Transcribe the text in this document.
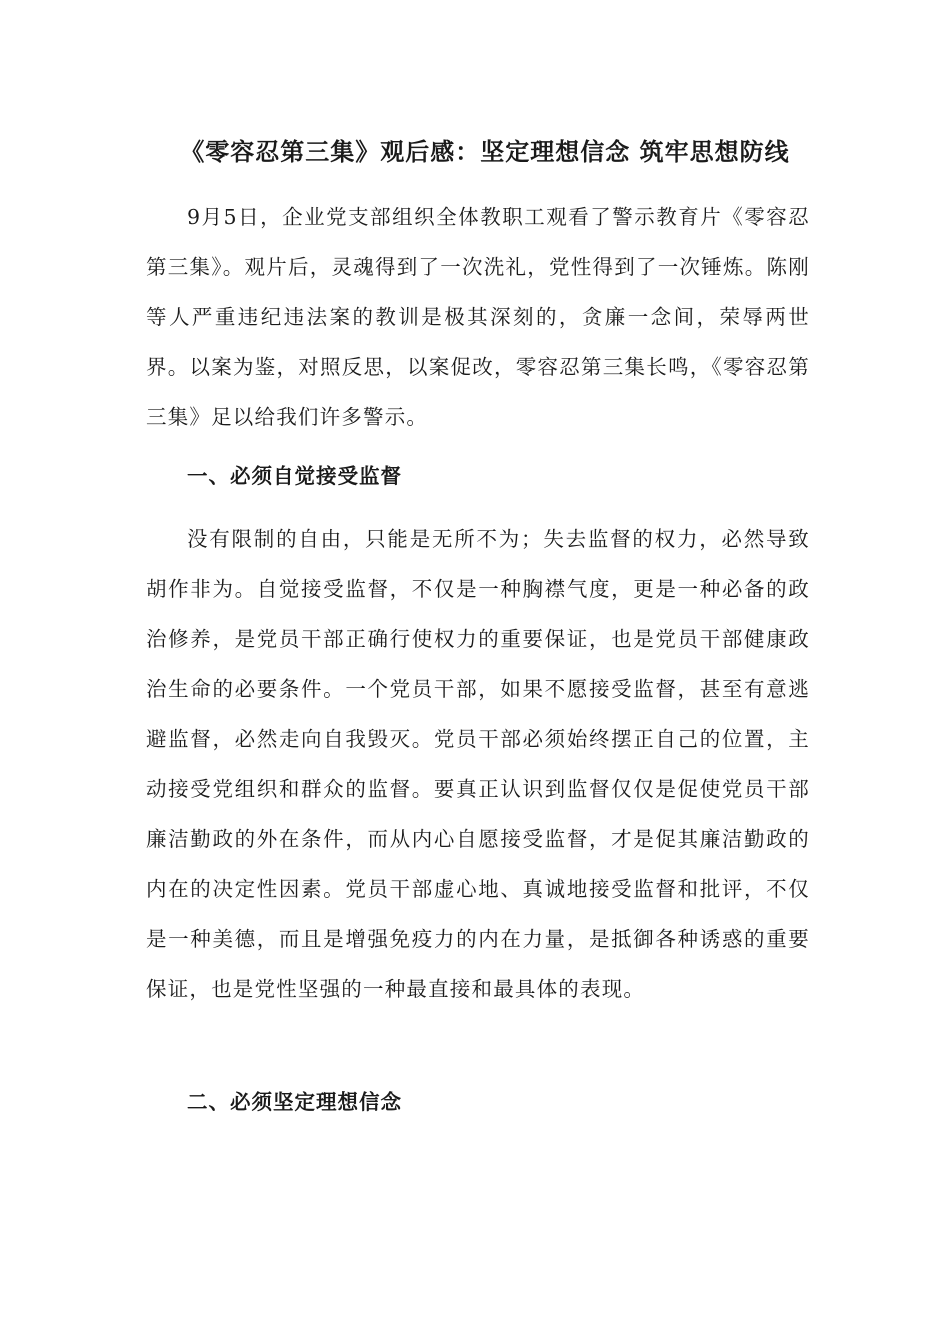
《零容忍第三集》观后感：坚定理想信念 筑牢思想防线
9月5日，企业党支部组织全体教职工观看了警示教育片《零容忍第三集》。观片后，灵魂得到了一次洗礼，党性得到了一次锤炼。陈刚等人严重违纪违法案的教训是极其深刻的，贪廉一念间，荣辱两世界。以案为鉴，对照反思，以案促改，零容忍第三集长鸣，《零容忍第三集》足以给我们许多警示。
一、必须自觉接受监督
没有限制的自由，只能是无所不为；失去监督的权力，必然导致胡作非为。自觉接受监督，不仅是一种胸襟气度，更是一种必备的政治修养，是党员干部正确行使权力的重要保证，也是党员干部健康政治生命的必要条件。一个党员干部，如果不愿接受监督，甚至有意逃避监督，必然走向自我毁灭。党员干部必须始终摆正自己的位置，主动接受党组织和群众的监督。要真正认识到监督仅仅是促使党员干部廉洁勤政的外在条件，而从内心自愿接受监督，才是促其廉洁勤政的内在的决定性因素。党员干部虚心地、真诚地接受监督和批评，不仅是一种美德，而且是增强免疫力的内在力量，是抵御各种诱惑的重要保证，也是党性坚强的一种最直接和最具体的表现。
二、必须坚定理想信念
